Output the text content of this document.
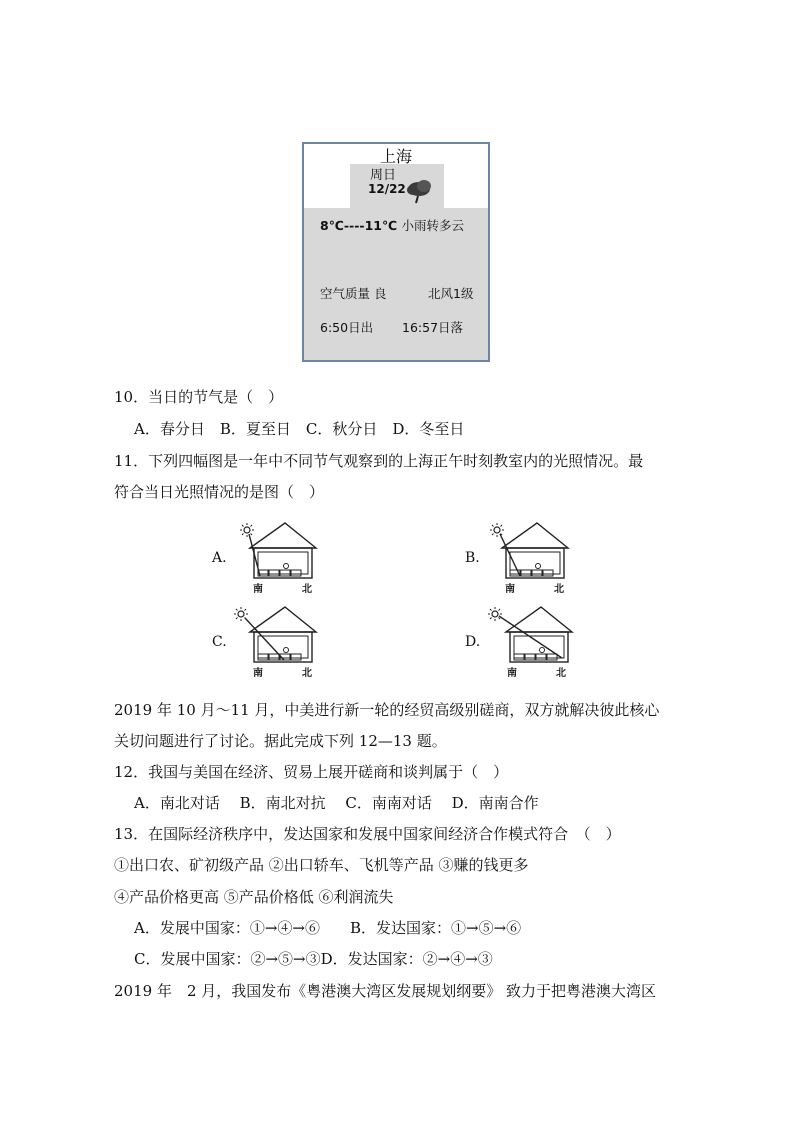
上海
周日
12/22
8℃----11℃ 小雨转多云
空气质量 良	北风1级
6:50日出 16:57日落
10．当日的节气是（　）
A．春分日　B．夏至日　C．秋分日　D．冬至日
11．下列四幅图是一年中不同节气观察到的上海正午时刻教室内的光照情况。最
符合当日光照情况的是图（　）
A.
南	北
B.
南	北
C.
南	北
D.
南	北
2019 年 10 月～11 月，中美进行新一轮的经贸高级别磋商，双方就解决彼此核心
关切问题进行了讨论。据此完成下列 12—13 题。
12．我国与美国在经济、贸易上展开磋商和谈判属于（　）
A．南北对话　 B．南北对抗　 C．南南对话　 D．南南合作
13．在国际经济秩序中，发达国家和发展中国家间经济合作模式符合　（　）
①出口农、矿初级产品 ②出口轿车、飞机等产品 ③赚的钱更多
④产品价格更高 ⑤产品价格低 ⑥利润流失
A．发展中国家：①→④→⑥　　B．发达国家：①→⑤→⑥
C．发展中国家：②→⑤→③D．发达国家：②→④→③
2019 年　2 月，我国发布《粤港澳大湾区发展规划纲要》 致力于把粤港澳大湾区
